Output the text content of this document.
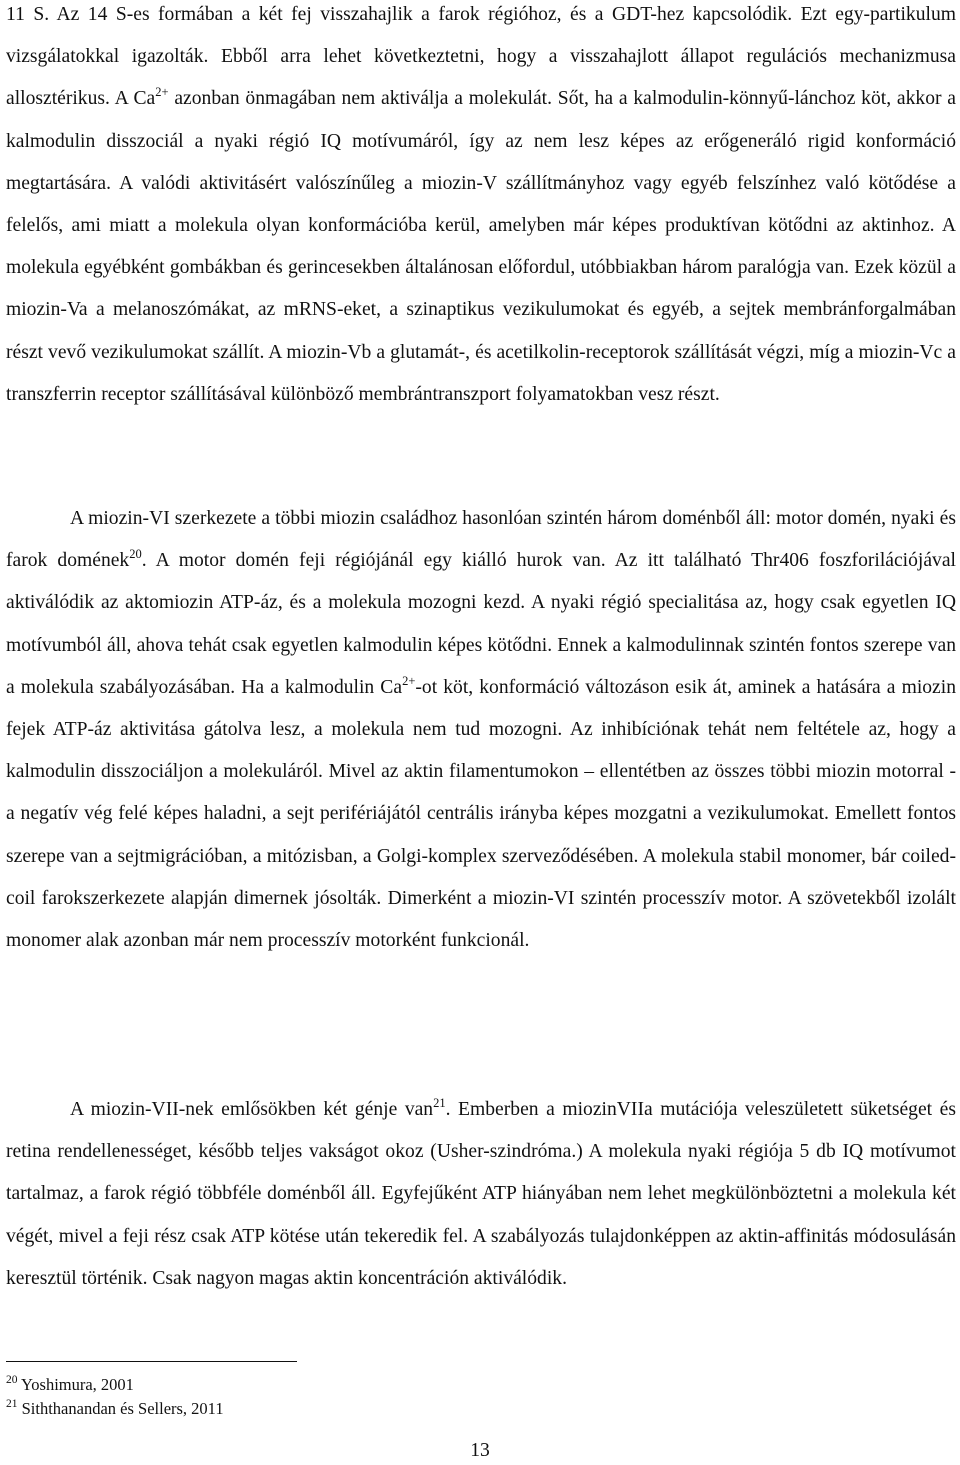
11 S. Az 14 S-es formában a két fej visszahajlik a farok régióhoz, és a GDT-hez kapcsolódik. Ezt egy-partikulum vizsgálatokkal igazolták. Ebből arra lehet következtetni, hogy a visszahajlott állapot regulációs mechanizmusa allosztérikus. A $Ca^{2+}$ azonban önmagában nem aktiválja a molekulát. Sőt, ha a kalmodulin-könnyű-lánchoz köt, akkor a kalmodulin disszociál a nyaki régió IQ motívumáról, így az nem lesz képes az erőgeneráló rigid konformáció megtartására. A valódi aktivitásért valószínűleg a miozin-V szállítmányhoz vagy egyéb felszínhez való kötődése a felelős, ami miatt a molekula olyan konformációba kerül, amelyben már képes produktívan kötődni az aktinhoz. A molekula egyébként gombákban és gerincesekben általánosan előfordul, utóbbiakban három paralógja van. Ezek közül a miozin-Va a melanoszómákat, az mRNS-eket, a szinaptikus vezikulumokat és egyéb, a sejtek membránforgalmában részt vevő vezikulumokat szállít. A miozin-Vb a glutamát-, és acetilkolin-receptorok szállítását végzi, míg a miozin-Vc a transzferrin receptor szállításával különböző membrántranszport folyamatokban vesz részt.

A miozin-VI szerkezete a többi miozin családhoz hasonlóan szintén három doménből áll: motor domén, nyaki és farok domének$^{20}$. A motor domén feji régiójánál egy kiálló hurok van. Az itt található Thr406 foszforilációjával aktiválódik az aktomiozin ATP-áz, és a molekula mozogni kezd. A nyaki régió specialitása az, hogy csak egyetlen IQ motívumból áll, ahova tehát csak egyetlen kalmodulin képes kötődni. Ennek a kalmodulinnak szintén fontos szerepe van a molekula szabályozásában. Ha a kalmodulin $Ca^{2+}-ot$ köt, konformáció változáson esik át, aminek a hatására a miozin fejek ATP-áz aktivitása gátolva lesz, a molekula nem tud mozogni. Az inhibíciónak tehát nem feltétele az, hogy a kalmodulin disszociáljon a molekuláról. Mivel az aktin filamentumokon – ellentétben az összes többi miozin motorral - a negatív vég felé képes haladni, a sejt perifériájától centrális irányba képes mozgatni a vezikulumokat. Emellett fontos szerepe van a sejtmigrációban, a mitózisban, a Golgi-komplex szerveződésében. A molekula stabil monomer, bár coiled-coil farokszerkezete alapján dimernek jósolták. Dimerként a miozin-VI szintén processzív motor. A szövetekből izolált monomer alak azonban már nem processzív motorként funkcionál.

A miozin-VII-nek emlősökben két génje van$^{21}$. Emberben a miozinVIIa mutációja veleszületett süketséget és retina rendellenességet, később teljes vakságot okoz (Usher-szindróma.) A molekula nyaki régiója 5 db IQ motívumot tartalmaz, a farok régió többféle doménből áll. Egyfejűként ATP hiányában nem lehet megkülönböztetni a molekula két végét, mivel a feji rész csak ATP kötése után tekeredik fel. A szabályozás tulajdonképpen az aktin-affinitás módosulásán keresztül történik. Csak nagyon magas aktin koncentráción aktiválódik.

$^{20}$ Yoshimura, 2001

$^{21}$ Siththanandan és Sellers, 2011

13
